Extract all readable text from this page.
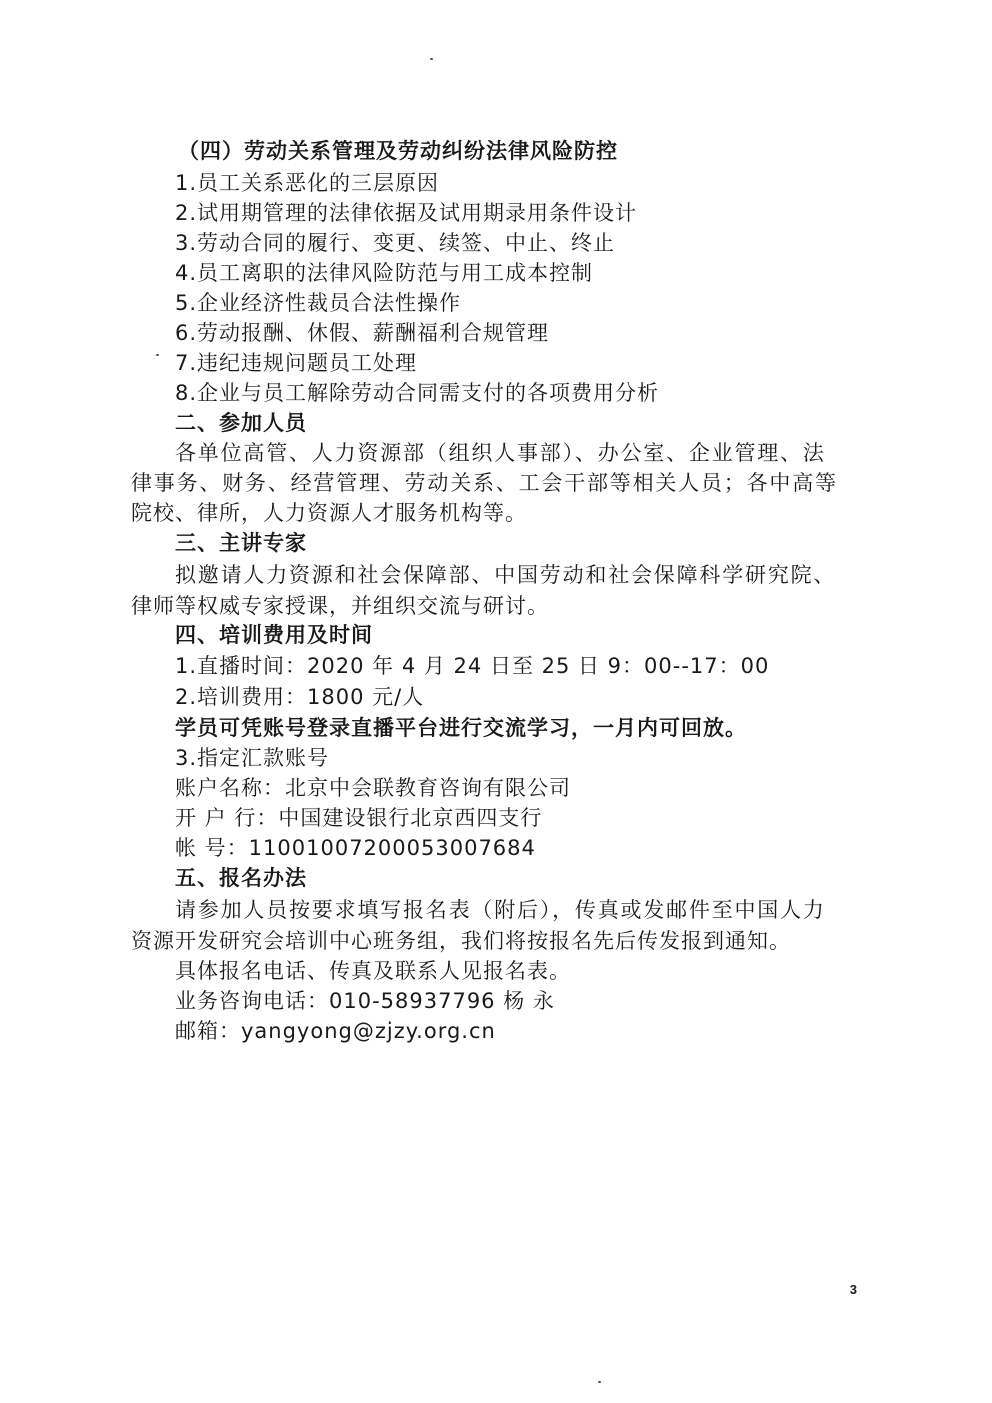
（四）劳动关系管理及劳动纠纷法律风险防控
1.员工关系恶化的三层原因
2.试用期管理的法律依据及试用期录用条件设计
3.劳动合同的履行、变更、续签、中止、终止
4.员工离职的法律风险防范与用工成本控制
5.企业经济性裁员合法性操作
6.劳动报酬、休假、薪酬福利合规管理
7.违纪违规问题员工处理
8.企业与员工解除劳动合同需支付的各项费用分析
二、参加人员
各单位高管、人力资源部（组织人事部）、办公室、企业管理、法
律事务、财务、经营管理、劳动关系、工会干部等相关人员；各中高等
院校、律所，人力资源人才服务机构等。
三、主讲专家
拟邀请人力资源和社会保障部、中国劳动和社会保障科学研究院、
律师等权威专家授课，并组织交流与研讨。
四、培训费用及时间
1.直播时间：2020 年 4 月 24 日至 25 日 9：00--17：00
2.培训费用：1800 元/人
学员可凭账号登录直播平台进行交流学习，一月内可回放。
3.指定汇款账号
账户名称：北京中会联教育咨询有限公司
开 户 行：中国建设银行北京西四支行
帐 号：11001007200053007684
五、报名办法
请参加人员按要求填写报名表（附后），传真或发邮件至中国人力
资源开发研究会培训中心班务组，我们将按报名先后传发报到通知。
具体报名电话、传真及联系人见报名表。
业务咨询电话：010-58937796 杨 永
邮箱：yangyong@zjzy.org.cn
3
